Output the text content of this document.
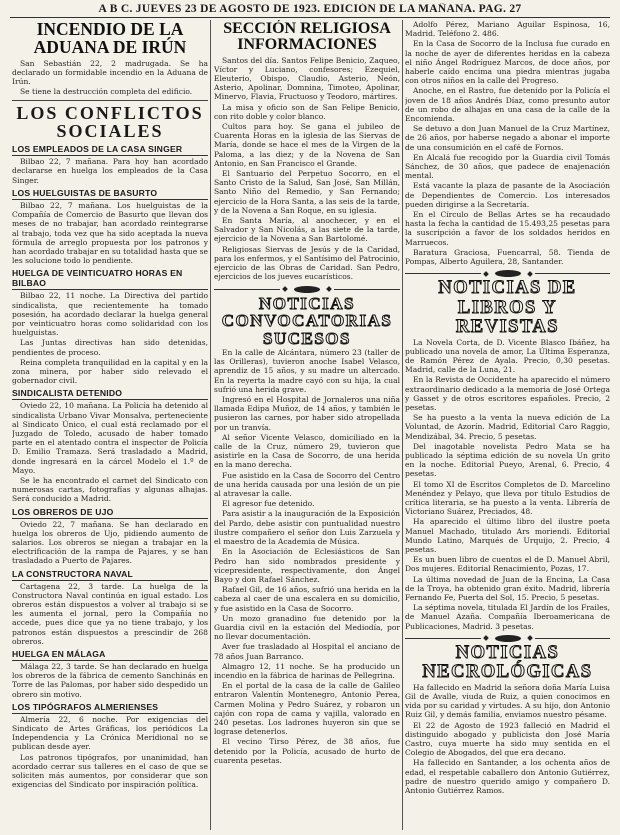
A B C. JUEVES 23 DE AGOSTO DE 1923. EDICIÓN DE LA MAÑANA. PAG. 27
INCENDIO DE LA ADUANA DE IRÚN

San Sebastián 22, 2 madrugada. Se ha declarado un formidable incendio en la Aduana de Irún.

Se tiene la destrucción completa del edificio.

LOS CONFLICTOS SOCIALES
LOS EMPLEADOS DE LA CASA SINGER

Bilbao 22, 7 mañana. Para hoy han acordado declararse en huelga los empleados de la Casa Singer.

LOS HUELGUISTAS DE BASURTO

Bilbao 22, 7 mañana. Los huelguistas de la Compañía de Comercio de Basurto que llevan dos meses de no trabajar, han acordado reintegrarse al trabajo, toda vez que ha sido aceptada la nueva fórmula de arreglo propuesta por los patronos y han acordado trabajar en su totalidad hasta que se les solucione todo lo pendiente.

HUELGA DE VEINTICUATRO HORAS EN BILBAO

Bilbao 22, 11 noche. La Directiva del partido sindicalista, que recientemente ha tomado posesión, ha acordado declarar la huelga general por veinticuatro horas como solidaridad con los huelguistas.

Las Juntas directivas han sido detenidas, pendientes de proceso.

Reina completa tranquilidad en la capital y en la zona minera, por haber sido relevado el gobernador civil.

SINDICALISTA DETENIDO

Oviedo 22, 10 mañana. La Policía ha detenido al sindicalista Urbano Vivar Monsalva, perteneciente al Sindicato Único, el cual está reclamado por el Juzgado de Toledo, acusado de haber tomado parte en el atentado contra el inspector de Policía D. Emilio Tramaza. Será trasladado a Madrid, donde ingresará en la cárcel Modelo el 1.º de Mayo.

Se le ha encontrado el carnet del Sindicato con numerosas cartas, fotografías y algunas alhajas. Será conducido a Madrid.

LOS OBREROS DE UJO

Oviedo 22, 7 mañana. Se han declarado en huelga los obreros de Ujo, pidiendo aumento de salarios. Los obreros se niegan a trabajar en la electrificación de la rampa de Pajares, y se han trasladado a Puerto de Pajares.

LA CONSTRUCTORA NAVAL

Cartagena 22, 3 tarde. La huelga de la Constructora Naval continúa en igual estado. Los obreros están dispuestos a volver al trabajo si se les aumenta el jornal, pero la Compañía no accede, pues dice que ya no tiene trabajo, y los patronos están dispuestos a prescindir de 268 obreros.

HUELGA EN MÁLAGA

Málaga 22, 3 tarde. Se han declarado en huelga los obreros de la fábrica de cemento Sanchinás en Torre de las Palomas, por haber sido despedido un obrero sin motivo.

LOS TIPÓGRAFOS ALMERIENSES

Almería 22, 6 noche. Por exigencias del Sindicato de Artes Gráficas, los periódicos La Independencia y La Crónica Meridional no se publican desde ayer.

Los patronos tipógrafos, por unanimidad, han acordado cerrar sus talleres en el caso de que se soliciten más aumentos, por considerar que son exigencias del Sindicato por inspiración política.

SECCIÓN RELIGIOSA INFORMACIONES

Santos del día. Santos Felipe Benicio, Zaqueo, Víctor y Luciano, confesores; Ezequiel, Eleuterio, Obispo, Claudio, Asterio, Neón, Asterio, Apolinar, Domnina, Timoteo, Apolinar, Minervo, Flavia, Fructuoso y Teodoro, mártires.

La misa y oficio son de San Felipe Benicio, con rito doble y color blanco.

Cultos para hoy. Se gana el jubileo de Cuarenta Horas en la iglesia de las Siervas de María, donde se hace el mes de la Virgen de la Paloma, a las diez; y de la Novena de San Antonio, en San Francisco el Grande.

El Santuario del Perpetuo Socorro, en el Santo Cristo de la Salud, San José, San Millán, Santo Niño del Remedio, y San Fernando; ejercicio de la Hora Santa, a las seis de la tarde, y de la Novena a San Roque, en su iglesia.

En Santa María, al anochecer, y en el Salvador y San Nicolás, a las siete de la tarde, ejercicio de la Novena a San Bartolomé.

Religiosas Siervas de Jesús y de la Caridad, para los enfermos, y el Santísimo del Patrocinio, ejercicio de las Obras de Caridad. San Pedro, ejercicios de los jueves eucarísticos.

NOTICIAS CONVOCATORIAS SUCESOS

En la calle de Alcántara, número 23 (taller de las Orilleras), tuvieron anoche Isabel Velasco, aprendiz de 15 años, y su madre un altercado. En la reyerta la madre cayó con su hija, la cual sufrió una herida grave.

Ingresó en el Hospital de Jornaleros una niña llamada Edipa Muñoz, de 14 años, y también le pusieron las carnes, por haber sido atropellada por un tranvía.

Al señor Vicente Velasco, domiciliado en la calle de la Cruz, número 29, tuvieron que asistirle en la Casa de Socorro, de una herida en la mano derecha.

Fue asistido en la Casa de Socorro del Centro de una herida causada por una lesión de un pie al atravesar la calle.

El agresor fue detenido.

Para asistir a la inauguración de la Exposición del Pardo, debe asistir con puntualidad nuestro ilustre compañero el señor don Luis Zarzuela y el maestro de la Academia de Música.

En la Asociación de Eclesiásticos de San Pedro han sido nombrados presidente y vicepresidente, respectivamente, don Ángel Bayo y don Rafael Sánchez.

Rafael Gil, de 16 años, sufrió una herida en la cabeza al caer de una escalera en su domicilio, y fue asistido en la Casa de Socorro.

Un mozo granadino fue detenido por la Guardia civil en la estación del Mediodía, por no llevar documentación.

Aver fue trasladado al Hospital el anciano de 78 años Juan Barranco.

Almagro 12, 11 noche. Se ha producido un incendio en la fábrica de harinas de Pellegrina.

En el portal de la casa de la calle de Galileo entraron Valentín Montenegro, Antonio Perea, Carmen Molina y Pedro Suárez, y robaron un cajón con ropa de cama y vajilla, valorado en 240 pesetas. Los ladrones huyeron sin que se lograse detenerlos.

El vecino Tirso Pérez, de 38 años, fue detenido por la Policía, acusado de hurto de cuarenta pesetas.

Adolfo Pérez, Mariano Aguilar Espinosa, 16, Madrid. Teléfono 2. 486.

En la Casa de Socorro de la Inclusa fue curado en la noche de ayer de diferentes heridas en la cabeza el niño Ángel Rodríguez Marcos, de doce años, por haberle caído encima una piedra mientras jugaba con otros niños en la calle del Progreso.

Anoche, en el Rastro, fue detenido por la Policía el joven de 18 años Andrés Díaz, como presunto autor de un robo de alhajas en una casa de la calle de la Encomienda.

Se detuvo a don Juan Manuel de la Cruz Martínez, de 26 años, por haberse negado a abonar el importe de una consumición en el café de Fornos.

En Alcalá fue recogido por la Guardia civil Tomás Sánchez, de 30 años, que padece de enajenación mental.

Está vacante la plaza de pasante de la Asociación de Dependientes de Comercio. Los interesados pueden dirigirse a la Secretaría.

En el Círculo de Bellas Artes se ha recaudado hasta la fecha la cantidad de 15.493,25 pesetas para la suscripción a favor de los soldados heridos en Marruecos.

Baratura Graciosa, Fuencarral, 58. Tienda de Pompas, Alberto Aguilera, 28, Santander.

NOTICIAS DE LIBROS Y REVISTAS

La Novela Corta, de D. Vicente Blasco Ibáñez, ha publicado una novela de amor, La Última Esperanza, de Ramón Pérez de Ayala. Precio, 0,30 pesetas. Madrid, calle de la Luna, 21.

En la Revista de Occidente ha aparecido el número extraordinario dedicado a la memoria de José Ortega y Gasset y de otros escritores españoles. Precio, 2 pesetas.

Se ha puesto a la venta la nueva edición de La Voluntad, de Azorín. Madrid, Editorial Caro Raggio, Mendizábal, 34. Precio, 5 pesetas.

Del inagotable novelista Pedro Mata se ha publicado la séptima edición de su novela Un grito en la noche. Editorial Pueyo, Arenal, 6. Precio, 4 pesetas.

El tomo XI de Escritos Completos de D. Marcelino Menéndez y Pelayo, que lleva por título Estudios de crítica literaria, se ha puesto a la venta. Librería de Victoriano Suárez, Preciados, 48.

Ha aparecido el último libro del ilustre poeta Manuel Machado, titulado Ars moriendi. Editorial Mundo Latino, Marqués de Urquijo, 2. Precio, 4 pesetas.

Es un buen libro de cuentos el de D. Manuel Abril, Dos mujeres. Editorial Renacimiento, Pozas, 17.

La última novedad de Juan de la Encina, La Casa de la Troya, ha obtenido gran éxito. Madrid, librería Fernando Fe, Puerta del Sol, 15. Precio, 5 pesetas.

La séptima novela, titulada El Jardín de los Frailes, de Manuel Azaña. Compañía Iberoamericana de Publicaciones, Madrid. 3 pesetas.

NOTICIAS NECROLÓGICAS

Ha fallecido en Madrid la señora doña María Luisa Gil de Avalle, viuda de Ruiz, a quien conocimos en vida por su caridad y virtudes. A su hijo, don Antonio Ruiz Gil, y demás familia, enviamos nuestro pésame.

El 22 de Agosto de 1923 falleció en Madrid el distinguido abogado y publicista don José María Castro, cuya muerte ha sido muy sentida en el Colegio de Abogados, del que era decano.

Ha fallecido en Santander, a los ochenta años de edad, el respetable caballero don Antonio Gutiérrez, padre de nuestro querido amigo y compañero D. Antonio Gutiérrez Ramos.
